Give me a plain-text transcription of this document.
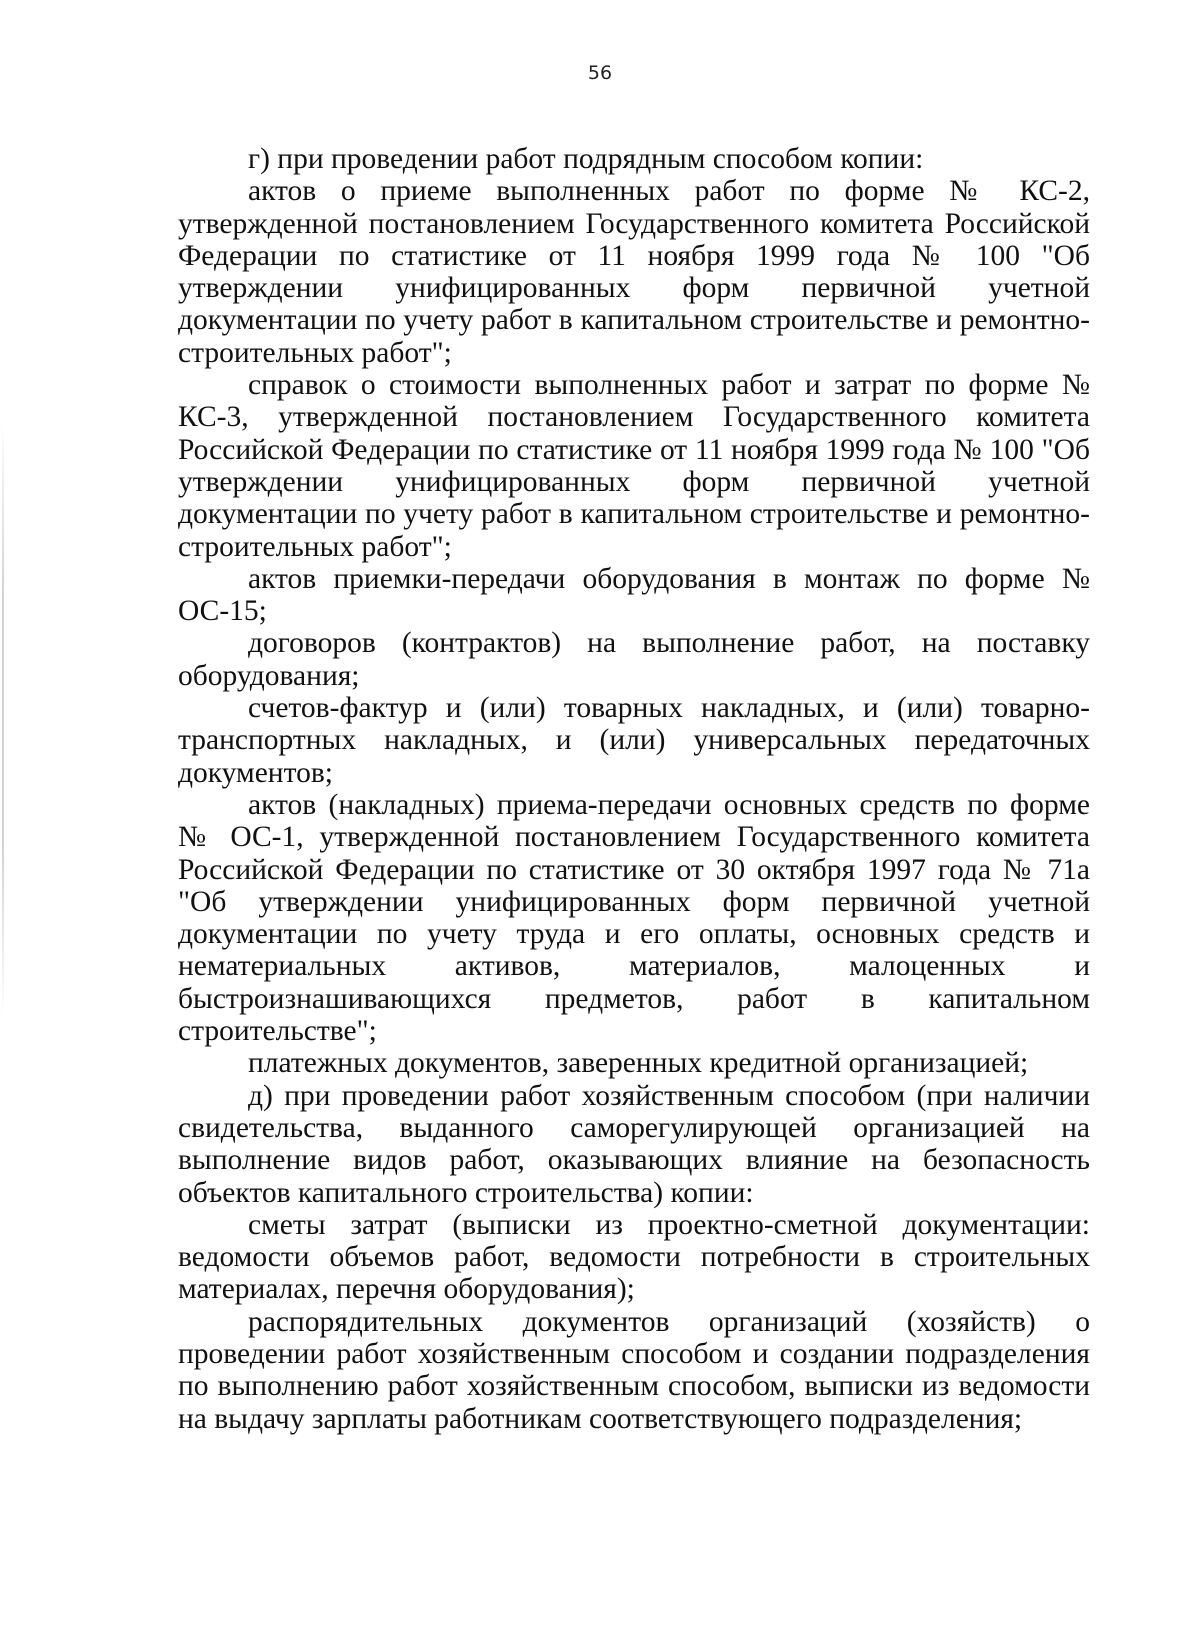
56

г) при проведении работ подрядным способом копии:

актов о приеме выполненных работ по форме № КС-2, утвержденной постановлением Государственного комитета Российской Федерации по статистике от 11 ноября 1999 года № 100 "Об утверждении унифицированных форм первичной учетной документации по учету работ в капитальном строительстве и ремонтно-строительных работ";

справок о стоимости выполненных работ и затрат по форме № КС-3, утвержденной постановлением Государственного комитета Российской Федерации по статистике от 11 ноября 1999 года № 100 "Об утверждении унифицированных форм первичной учетной документации по учету работ в капитальном строительстве и ремонтно-строительных работ";

актов приемки-передачи оборудования в монтаж по форме № ОС-15;

договоров (контрактов) на выполнение работ, на поставку оборудования;

счетов-фактур и (или) товарных накладных, и (или) товарно-транспортных накладных, и (или) универсальных передаточных документов;

актов (накладных) приема-передачи основных средств по форме № ОС-1, утвержденной постановлением Государственного комитета Российской Федерации по статистике от 30 октября 1997 года № 71а "Об утверждении унифицированных форм первичной учетной документации по учету труда и его оплаты, основных средств и нематериальных активов, материалов, малоценных и быстроизнашивающихся предметов, работ в капитальном строительстве";

платежных документов, заверенных кредитной организацией;

д) при проведении работ хозяйственным способом (при наличии свидетельства, выданного саморегулирующей организацией на выполнение видов работ, оказывающих влияние на безопасность объектов капитального строительства) копии:

сметы затрат (выписки из проектно-сметной документации: ведомости объемов работ, ведомости потребности в строительных материалах, перечня оборудования);

распорядительных документов организаций (хозяйств) о проведении работ хозяйственным способом и создании подразделения по выполнению работ хозяйственным способом, выписки из ведомости на выдачу зарплаты работникам соответствующего подразделения;
